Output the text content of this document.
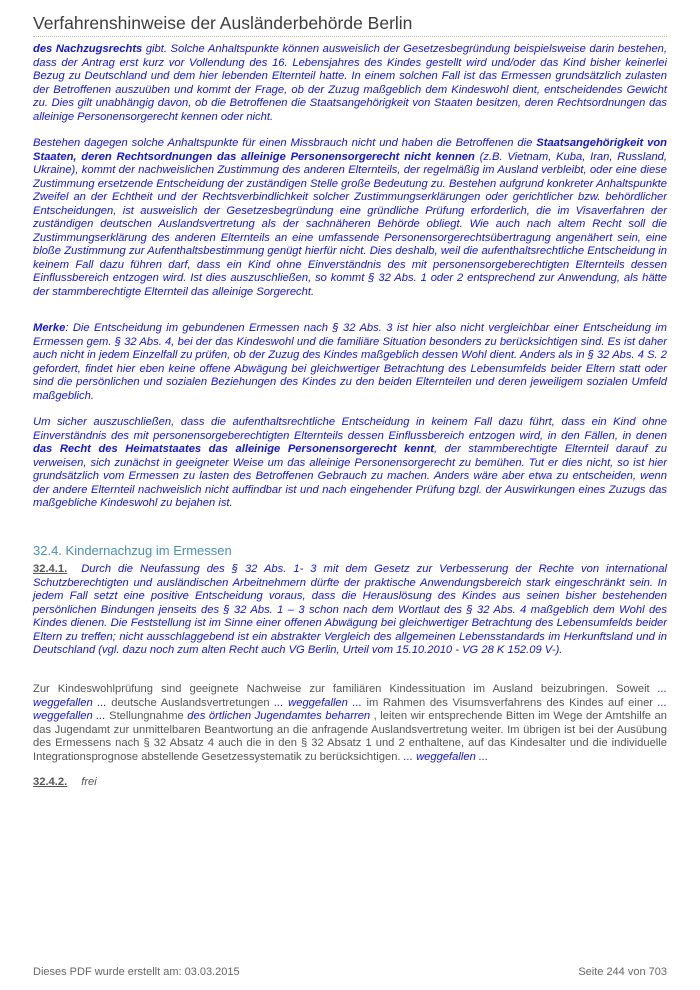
Verfahrenshinweise der Ausländerbehörde Berlin

des Nachzugsrechts gibt. Solche Anhaltspunkte können ausweislich der Gesetzesbegründung beispielsweise darin bestehen, dass der Antrag erst kurz vor Vollendung des 16. Lebensjahres des Kindes gestellt wird und/oder das Kind bisher keinerlei Bezug zu Deutschland und dem hier lebenden Elternteil hatte. In einem solchen Fall ist das Ermessen grundsätzlich zulasten der Betroffenen auszuüben und kommt der Frage, ob der Zuzug maßgeblich dem Kindeswohl dient, entscheidendes Gewicht zu. Dies gilt unabhängig davon, ob die Betroffenen die Staatsangehörigkeit von Staaten besitzen, deren Rechtsordnungen das alleinige Personensorgerecht kennen oder nicht.

Bestehen dagegen solche Anhaltspunkte für einen Missbrauch nicht und haben die Betroffenen die Staatsangehörigkeit von Staaten, deren Rechtsordnungen das alleinige Personensorgerecht nicht kennen (z.B. Vietnam, Kuba, Iran, Russland, Ukraine), kommt der nachweislichen Zustimmung des anderen Elternteils, der regelmäßig im Ausland verbleibt, oder eine diese Zustimmung ersetzende Entscheidung der zuständigen Stelle große Bedeutung zu. Bestehen aufgrund konkreter Anhaltspunkte Zweifel an der Echtheit und der Rechtsverbindlichkeit solcher Zustimmungserklärungen oder gerichtlicher bzw. behördlicher Entscheidungen, ist ausweislich der Gesetzesbegründung eine gründliche Prüfung erforderlich, die im Visaverfahren der zuständigen deutschen Auslandsvertretung als der sachnäheren Behörde obliegt. Wie auch nach altem Recht soll die Zustimmungserklärung des anderen Elternteils an eine umfassende Personensorgerechtsübertragung angenähert sein, eine bloße Zustimmung zur Aufenthaltsbestimmung genügt hierfür nicht. Dies deshalb, weil die aufenthaltsrechtliche Entscheidung in keinem Fall dazu führen darf, dass ein Kind ohne Einverständnis des mit personensorgeberechtigten Elternteils dessen Einflussbereich entzogen wird. Ist dies auszuschließen, so kommt § 32 Abs. 1 oder 2 entsprechend zur Anwendung, als hätte der stammberechtigte Elternteil das alleinige Sorgerecht.

Merke: Die Entscheidung im gebundenen Ermessen nach § 32 Abs. 3 ist hier also nicht vergleichbar einer Entscheidung im Ermessen gem. § 32 Abs. 4, bei der das Kindeswohl und die familiäre Situation besonders zu berücksichtigen sind. Es ist daher auch nicht in jedem Einzelfall zu prüfen, ob der Zuzug des Kindes maßgeblich dessen Wohl dient. Anders als in § 32 Abs. 4 S. 2 gefordert, findet hier eben keine offene Abwägung bei gleichwertiger Betrachtung des Lebensumfelds beider Eltern statt oder sind die persönlichen und sozialen Beziehungen des Kindes zu den beiden Elternteilen und deren jeweiligem sozialen Umfeld maßgeblich.

Um sicher auszuschließen, dass die aufenthaltsrechtliche Entscheidung in keinem Fall dazu führt, dass ein Kind ohne Einverständnis des mit personensorgeberechtigten Elternteils dessen Einflussbereich entzogen wird, in den Fällen, in denen das Recht des Heimatstaates das alleinige Personensorgerecht kennt, der stammberechtigte Elternteil darauf zu verweisen, sich zunächst in geeigneter Weise um das alleinige Personensorgerecht zu bemühen. Tut er dies nicht, so ist hier grundsätzlich vom Ermessen zu lasten des Betroffenen Gebrauch zu machen. Anders wäre aber etwa zu entscheiden, wenn der andere Elternteil nachweislich nicht auffindbar ist und nach eingehender Prüfung bzgl. der Auswirkungen eines Zuzugs das maßgebliche Kindeswohl zu bejahen ist.

32.4. Kindernachzug im Ermessen

32.4.1. Durch die Neufassung des § 32 Abs. 1- 3 mit dem Gesetz zur Verbesserung der Rechte von international Schutzberechtigten und ausländischen Arbeitnehmern dürfte der praktische Anwendungsbereich stark eingeschränkt sein. In jedem Fall setzt eine positive Entscheidung voraus, dass die Herauslösung des Kindes aus seinen bisher bestehenden persönlichen Bindungen jenseits des § 32 Abs. 1 – 3 schon nach dem Wortlaut des § 32 Abs. 4 maßgeblich dem Wohl des Kindes dienen. Die Feststellung ist im Sinne einer offenen Abwägung bei gleichwertiger Betrachtung des Lebensumfelds beider Eltern zu treffen; nicht ausschlaggebend ist ein abstrakter Vergleich des allgemeinen Lebensstandards im Herkunftsland und in Deutschland (vgl. dazu noch zum alten Recht auch VG Berlin, Urteil vom 15.10.2010 - VG 28 K 152.09 V-).

Zur Kindeswohlprüfung sind geeignete Nachweise zur familiären Kindessituation im Ausland beizubringen. Soweit ... weggefallen ... deutsche Auslandsvertretungen ... weggefallen ... im Rahmen des Visumsverfahrens des Kindes auf einer ... weggefallen ... Stellungnahme des örtlichen Jugendamtes beharren , leiten wir entsprechende Bitten im Wege der Amtshilfe an das Jugendamt zur unmittelbaren Beantwortung an die anfragende Auslandsvertretung weiter. Im übrigen ist bei der Ausübung des Ermessens nach § 32 Absatz 4 auch die in den § 32 Absatz 1 und 2 enthaltene, auf das Kindesalter und die individuelle Integrationsprognose abstellende Gesetzessystematik zu berücksichtigen. ... weggefallen ...

32.4.2. frei

Dieses PDF wurde erstellt am: 03.03.2015	Seite 244 von 703
